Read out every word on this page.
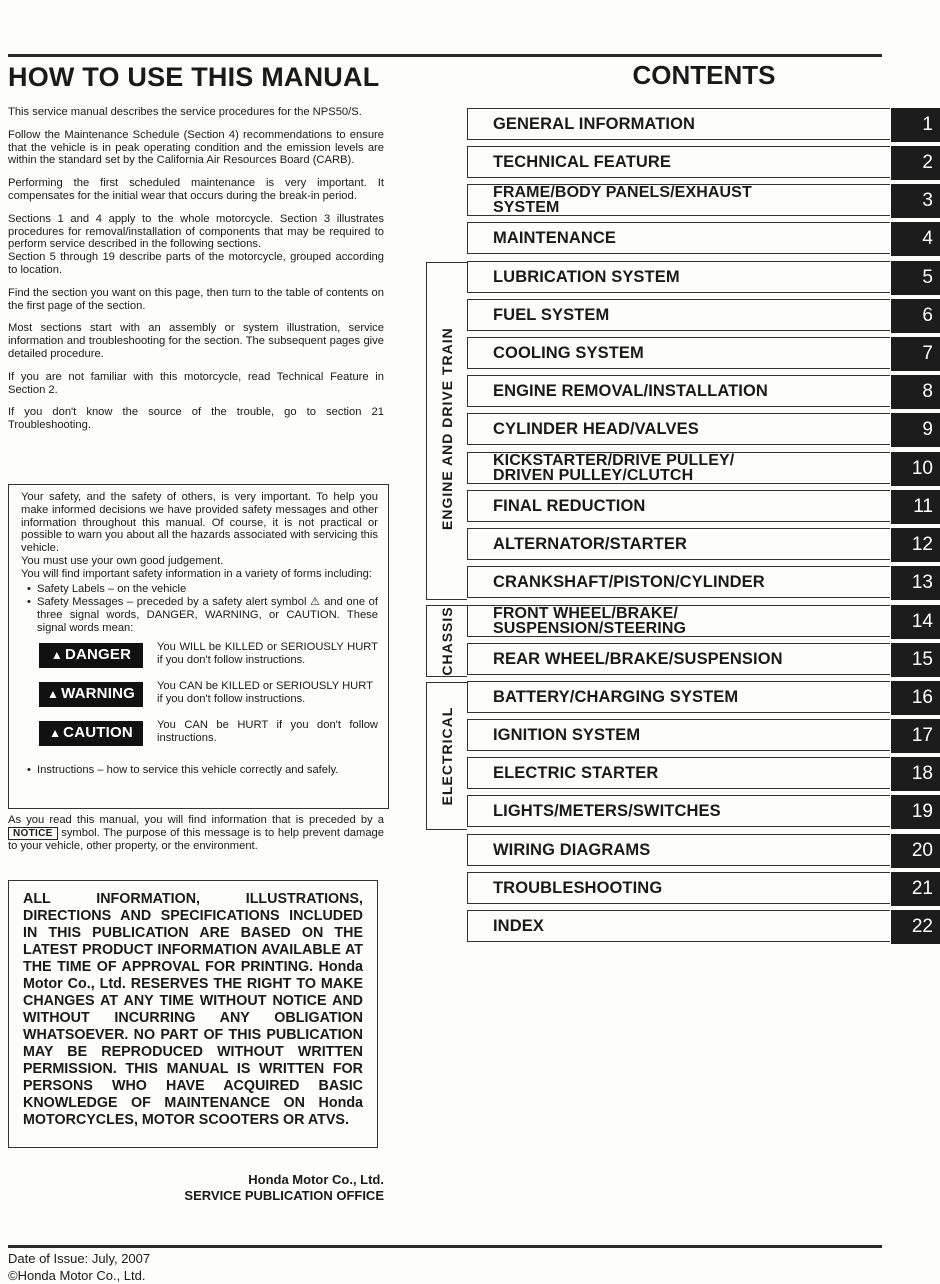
HOW TO USE THIS MANUAL

This service manual describes the service procedures for the NPS50/S.

Follow the Maintenance Schedule (Section 4) recommendations to ensure that the vehicle is in peak operating condition and the emission levels are within the standard set by the California Air Resources Board (CARB).

Performing the first scheduled maintenance is very important. It compensates for the initial wear that occurs during the break-in period.

Sections 1 and 4 apply to the whole motorcycle. Section 3 illustrates procedures for removal/installation of components that may be required to perform service described in the following sections.

Section 5 through 19 describe parts of the motorcycle, grouped according to location.

Find the section you want on this page, then turn to the table of contents on the first page of the section.

Most sections start with an assembly or system illustration, service information and troubleshooting for the section. The subsequent pages give detailed procedure.

If you are not familiar with this motorcycle, read Technical Feature in Section 2.

If you don't know the source of the trouble, go to section 21 Troubleshooting.

Your safety, and the safety of others, is very important. To help you make informed decisions we have provided safety messages and other information throughout this manual. Of course, it is not practical or possible to warn you about all the hazards associated with servicing this vehicle.
You must use your own good judgement.
You will find important safety information in a variety of forms including:
• Safety Labels – on the vehicle
• Safety Messages – preceded by a safety alert symbol ⚠ and one of three signal words, DANGER, WARNING, or CAUTION. These signal words mean:
▲ DANGER You WILL be KILLED or SERIOUSLY HURT if you don't follow instructions.
▲ WARNING You CAN be KILLED or SERIOUSLY HURT if you don't follow instructions.
▲ CAUTION You CAN be HURT if you don't follow instructions.
• Instructions – how to service this vehicle correctly and safely.

As you read this manual, you will find information that is preceded by a NOTICE symbol. The purpose of this message is to help prevent damage to your vehicle, other property, or the environment.

ALL INFORMATION, ILLUSTRATIONS, DIRECTIONS AND SPECIFICATIONS INCLUDED IN THIS PUBLICATION ARE BASED ON THE LATEST PRODUCT INFORMATION AVAILABLE AT THE TIME OF APPROVAL FOR PRINTING. Honda Motor Co., Ltd. RESERVES THE RIGHT TO MAKE CHANGES AT ANY TIME WITHOUT NOTICE AND WITHOUT INCURRING ANY OBLIGATION WHATSOEVER. NO PART OF THIS PUBLICATION MAY BE REPRODUCED WITHOUT WRITTEN PERMISSION. THIS MANUAL IS WRITTEN FOR PERSONS WHO HAVE ACQUIRED BASIC KNOWLEDGE OF MAINTENANCE ON Honda MOTORCYCLES, MOTOR SCOOTERS OR ATVS.
Honda Motor Co., Ltd.
SERVICE PUBLICATION OFFICE
Date of Issue: July, 2007
©Honda Motor Co., Ltd.
CONTENTS
ENGINE AND DRIVE TRAIN
CHASSIS
ELECTRICAL
GENERAL INFORMATION	1
TECHNICAL FEATURE	2
FRAME/BODY PANELS/EXHAUST SYSTEM	3
MAINTENANCE	4
LUBRICATION SYSTEM	5
FUEL SYSTEM	6
COOLING SYSTEM	7
ENGINE REMOVAL/INSTALLATION	8
CYLINDER HEAD/VALVES	9
KICKSTARTER/DRIVE PULLEY/ DRIVEN PULLEY/CLUTCH	10
FINAL REDUCTION	11
ALTERNATOR/STARTER	12
CRANKSHAFT/PISTON/CYLINDER	13
FRONT WHEEL/BRAKE/ SUSPENSION/STEERING	14
REAR WHEEL/BRAKE/SUSPENSION	15
BATTERY/CHARGING SYSTEM	16
IGNITION SYSTEM	17
ELECTRIC STARTER	18
LIGHTS/METERS/SWITCHES	19
WIRING DIAGRAMS	20
TROUBLESHOOTING	21
INDEX	22
